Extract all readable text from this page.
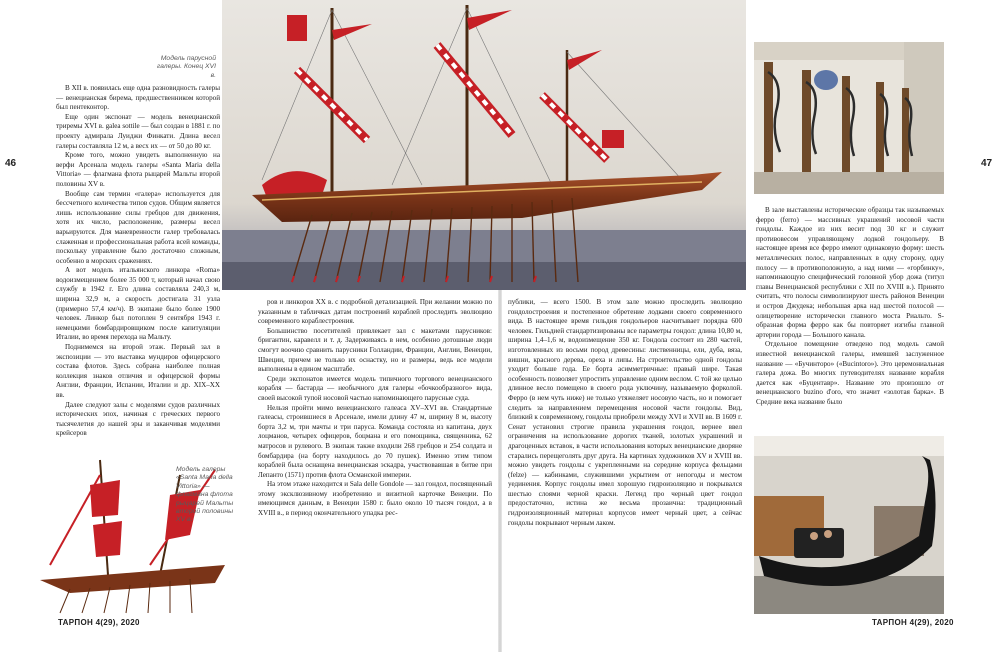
Модель парусной галеры. Конец XVI в.
46	47

В XII в. появилась еще одна разновидность галеры — венецианская бирема, предшественником которой был пентеконтор.

Еще один экспонат — модель венецианской триремы XVI в. galea sottile — был создан в 1881 г. по проекту адмирала Луиджи Финкати. Длина весел галеры составляла 12 м, а весх их — от 50 до 80 кг.

Кроме того, можно увидеть выполненную на верфи Арсенала модель галеры «Santa Maria della Vittoria» — флагмана флота рыцарей Мальты второй половины XV в.

Вообще сам термин «галера» используется для бессчетного количества типов судов. Общим является лишь использование силы гребцов для движения, хотя их число, расположение, размеры весел варьируются. Для маневренности галер требовалась слаженная и профессиональная работа всей команды, поскольку управление было достаточно сложным, особенно в морских сражениях.

А вот модель итальянского линкора «Roma» водоизмещением более 35 000 т, который начал свою службу в 1942 г. Его длина составляла 240,3 м, ширина 32,9 м, а скорость достигала 31 узла (примерно 57,4 км/ч). В экипаже было более 1900 человек. Линкор был потоплен 9 сентября 1943 г. немецкими бомбардировщиком после капитуляции Италии, во время перехода на Мальту.

Поднимемся на второй этаж. Первый зал в экспозиции — это выставка мундиров офицерского состава флотов. Здесь собрана наиболее полная коллекция знаков отличия и офицерской формы Англии, Франции, Испании, Италии и др. XIX–XX вв.

Далее следуют залы с моделями судов различных исторических эпох, начиная с греческих первого тысячелетия до нашей эры и заканчивая моделями крейсеров

Модель галеры «Santa Maria della Vittoria» — флагмана флота рыцарей Мальты второй половины XV в.

ров и линкоров XX в. с подробной детализацией. При желании можно по указанным в табличках датам построений кораблей проследить эволюцию современного кораблестроения.

Большинство посетителей привлекает зал с макетами парусников: бригантин, каравелл и т. д. Задерживаясь в нем, особенно дотошные люди смогут воочию сравнить парусники Голландии, Франции, Англии, Венеции, Швеции, причем не только их оснастку, но и размеры, ведь все модели выполнены в едином масштабе.

Среди экспонатов имеется модель типичного торгового венецианского корабля — бастарда — необычного для галеры «бочкообразного» вида, своей высокой тупой носовой частью напоминающего парусные суда.

Нельзя пройти мимо венецианского галеаса XV–XVI вв. Стандартные галеасы, строившиеся в Арсенале, имели длину 47 м, ширину 8 м, высоту борта 3,2 м, три мачты и три паруса. Команда состояла из капитана, двух лоцманов, четырех офицеров, боцмана и его помощника, священника, 62 матросов и рулевого. В экипаж также входили 268 гребцов и 254 солдата и бомбардира (на борту находилось до 70 пушек). Именно этим типом кораблей была оснащена венецианская эскадра, участвовавшая в битве при Лепанто (1571) против флота Османской империи.

На этом этаже находится и Sala delle Gondole — зал гондол, посвященный этому эксклюзивному изобретению и визитной карточке Венеции. По имеющимся данным, в Венеции 1580 г. было около 10 тысяч гондол, а в XVIII в., в период окончательного упадка рес-

публики, — всего 1500. В этом зале можно проследить эволюцию гондолостроения и постепенное обретение лодками своего современного вида. В настоящее время гильдия гондольеров насчитывает порядка 600 человек. Гильдией стандартизированы все параметры гондол: длина 10,80 м, ширина 1,4–1,6 м, водоизмещение 350 кг. Гондола состоит из 280 частей, изготовленных из восьми пород древесины: лиственницы, ели, дуба, вяза, вишни, красного дерева, ореха и липы. На строительство одной гондолы уходит больше года. Ее борта асимметричные: правый шире. Такая особенность позволяет упростить управление одним веслом. С той же целью длинное весло помещено в своего рода уключину, называемую форколой. Ферро (в нем чуть ниже) не только утяжеляет носовую часть, но и помогает следить за направлением перемещения носовой части гондолы. Вид, близкий к современному, гондолы приобрели между XVI и XVII вв. В 1609 г. Сенат установил строгие правила украшения гондол, вернее ввел ограничения на использование дорогих тканей, золотых украшений и драгоценных вставок, в части использования которых венецианские дворяне старались перещеголять друг друга. На картинах художников XV и XVIII вв. можно увидеть гондолы с укрепленными на середине корпуса фельцами (felze) — кабинками, служившими укрытием от непогоды и местом уединения. Корпус гондолы имел хорошую гидроизоляцию и покрывался шестью слоями черной краски. Легенд про черный цвет гондол предостаточно, истина же весьма прозаична: традиционный гидроизоляционный материал корпусов имеет черный цвет, а сейчас гондолы покрывают черным лаком.

В зале выставлены исторические образцы так называемых ферро (ferro) — массивных украшений носовой части гондолы. Каждое из них весит под 30 кг и служит противовесом управляющему лодкой гондольеру. В настоящее время все ферро имеют одинаковую форму: шесть металлических полос, направленных в одну сторону, одну полосу — в противоположную, а над ними — «горбинку», напоминающую специфический головной убор дожа (титул главы Венецианской республики с XII по XVIII в.). Принято считать, что полосы символизируют шесть районов Венеции и остров Джудека; небольшая арка над шестой полосой — олицетворение исторически главного моста Риальто. S-образная форма ферро как бы повторяет изгибы главной артерии города — Большого канала.

Отдельное помещение отведено под модель самой известной венецианской галеры, имевшей заслуженное название — «Бучинторо» («Bucintoro»). Это церемониальная галера дожа. Во многих путеводителях название корабля дается как «Буцентавр». Название это произошло от венецианского buzino d'oro, что значит «золотая барка». В Средние века название было

ТАРПОН 4(29), 2020	ТАРПОН 4(29), 2020
